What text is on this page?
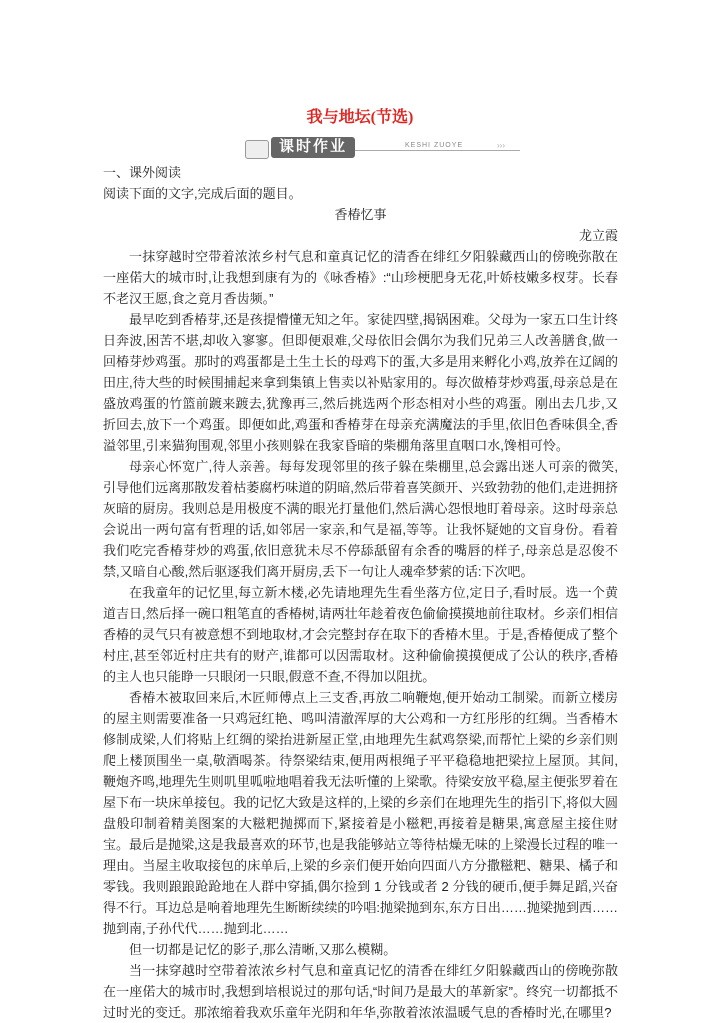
我与地坛(节选)
课时作业	KESHI ZUOYE	›››

一、课外阅读

阅读下面的文字,完成后面的题目。

香椿忆事

龙立霞

一抹穿越时空带着浓浓乡村气息和童真记忆的清香在绯红夕阳躲藏西山的傍晚弥散在一座偌大的城市时,让我想到康有为的《咏香椿》:“山珍梗肥身无花,叶娇枝嫩多杈芽。长春不老汉王愿,食之竟月香齿频。”

最早吃到香椿芽,还是孩提懵懂无知之年。家徒四壁,揭锅困难。父母为一家五口生计终日奔波,困苦不堪,却收入寥寥。但即便艰难,父母依旧会偶尔为我们兄弟三人改善膳食,做一回椿芽炒鸡蛋。那时的鸡蛋都是土生土长的母鸡下的蛋,大多是用来孵化小鸡,放养在辽阔的田庄,待大些的时候围捕起来拿到集镇上售卖以补贴家用的。每次做椿芽炒鸡蛋,母亲总是在盛放鸡蛋的竹篮前踱来踱去,犹豫再三,然后挑选两个形态相对小些的鸡蛋。刚出去几步,又折回去,放下一个鸡蛋。即便如此,鸡蛋和香椿芽在母亲充满魔法的手里,依旧色香味俱全,香溢邻里,引来猫狗围观,邻里小孩则躲在我家昏暗的柴棚角落里直咽口水,馋相可怜。

母亲心怀宽广,待人亲善。每每发现邻里的孩子躲在柴棚里,总会露出迷人可亲的微笑,引导他们远离那散发着枯萎腐朽味道的阴暗,然后带着喜笑颜开、兴致勃勃的他们,走进拥挤灰暗的厨房。我则总是用极度不满的眼光打量他们,然后满心怨恨地盯着母亲。这时母亲总会说出一两句富有哲理的话,如邻居一家亲,和气是福,等等。让我怀疑她的文盲身份。看着我们吃完香椿芽炒的鸡蛋,依旧意犹未尽不停舔舐留有余香的嘴唇的样子,母亲总是忍俊不禁,又暗自心酸,然后驱逐我们离开厨房,丢下一句让人魂牵梦萦的话:下次吧。

在我童年的记忆里,每立新木楼,必先请地理先生看坐落方位,定日子,看时辰。选一个黄道吉日,然后择一碗口粗笔直的香椿树,请两壮年趁着夜色偷偷摸摸地前往取材。乡亲们相信香椿的灵气只有被意想不到地取材,才会完整封存在取下的香椿木里。于是,香椿便成了整个村庄,甚至邻近村庄共有的财产,谁都可以因需取材。这种偷偷摸摸便成了公认的秩序,香椿的主人也只能睁一只眼闭一只眼,假意不查,不得加以阻扰。

香椿木被取回来后,木匠师傅点上三支香,再放二响鞭炮,便开始动工制梁。而新立楼房的屋主则需要准备一只鸡冠红艳、鸣叫清澈浑厚的大公鸡和一方红彤彤的红绸。当香椿木修制成梁,人们将贴上红绸的梁抬进新屋正堂,由地理先生弑鸡祭梁,而帮忙上梁的乡亲们则爬上楼顶围坐一桌,敬酒喝茶。待祭梁结束,便用两根绳子平平稳稳地把梁拉上屋顶。其间,鞭炮齐鸣,地理先生则叽里呱啦地唱着我无法听懂的上梁歌。待梁安放平稳,屋主便张罗着在屋下布一块床单接包。我的记忆大致是这样的,上梁的乡亲们在地理先生的指引下,将似大圆盘般印制着精美图案的大糍粑抛掷而下,紧接着是小糍粑,再接着是糖果,寓意屋主接住财宝。最后是抛梁,这是我最喜欢的环节,也是我能够站立等待枯燥无味的上梁漫长过程的唯一理由。当屋主收取接包的床单后,上梁的乡亲们便开始向四面八方分撒糍粑、糖果、橘子和零钱。我则踉踉跄跄地在人群中穿插,偶尔捡到 1 分钱或者 2 分钱的硬币,便手舞足蹈,兴奋得不行。耳边总是响着地理先生断断续续的吟唱:抛梁抛到东,东方日出……抛梁抛到西……抛到南,子孙代代……抛到北……

但一切都是记忆的影子,那么清晰,又那么模糊。

当一抹穿越时空带着浓浓乡村气息和童真记忆的清香在绯红夕阳躲藏西山的傍晚弥散在一座偌大的城市时,我想到培根说过的那句话,“时间乃是最大的革新家”。终究一切都抵不过时光的变迁。那浓缩着我欢乐童年光阴和年华,弥散着浓浓温暖气息的香椿时光,在哪里?
